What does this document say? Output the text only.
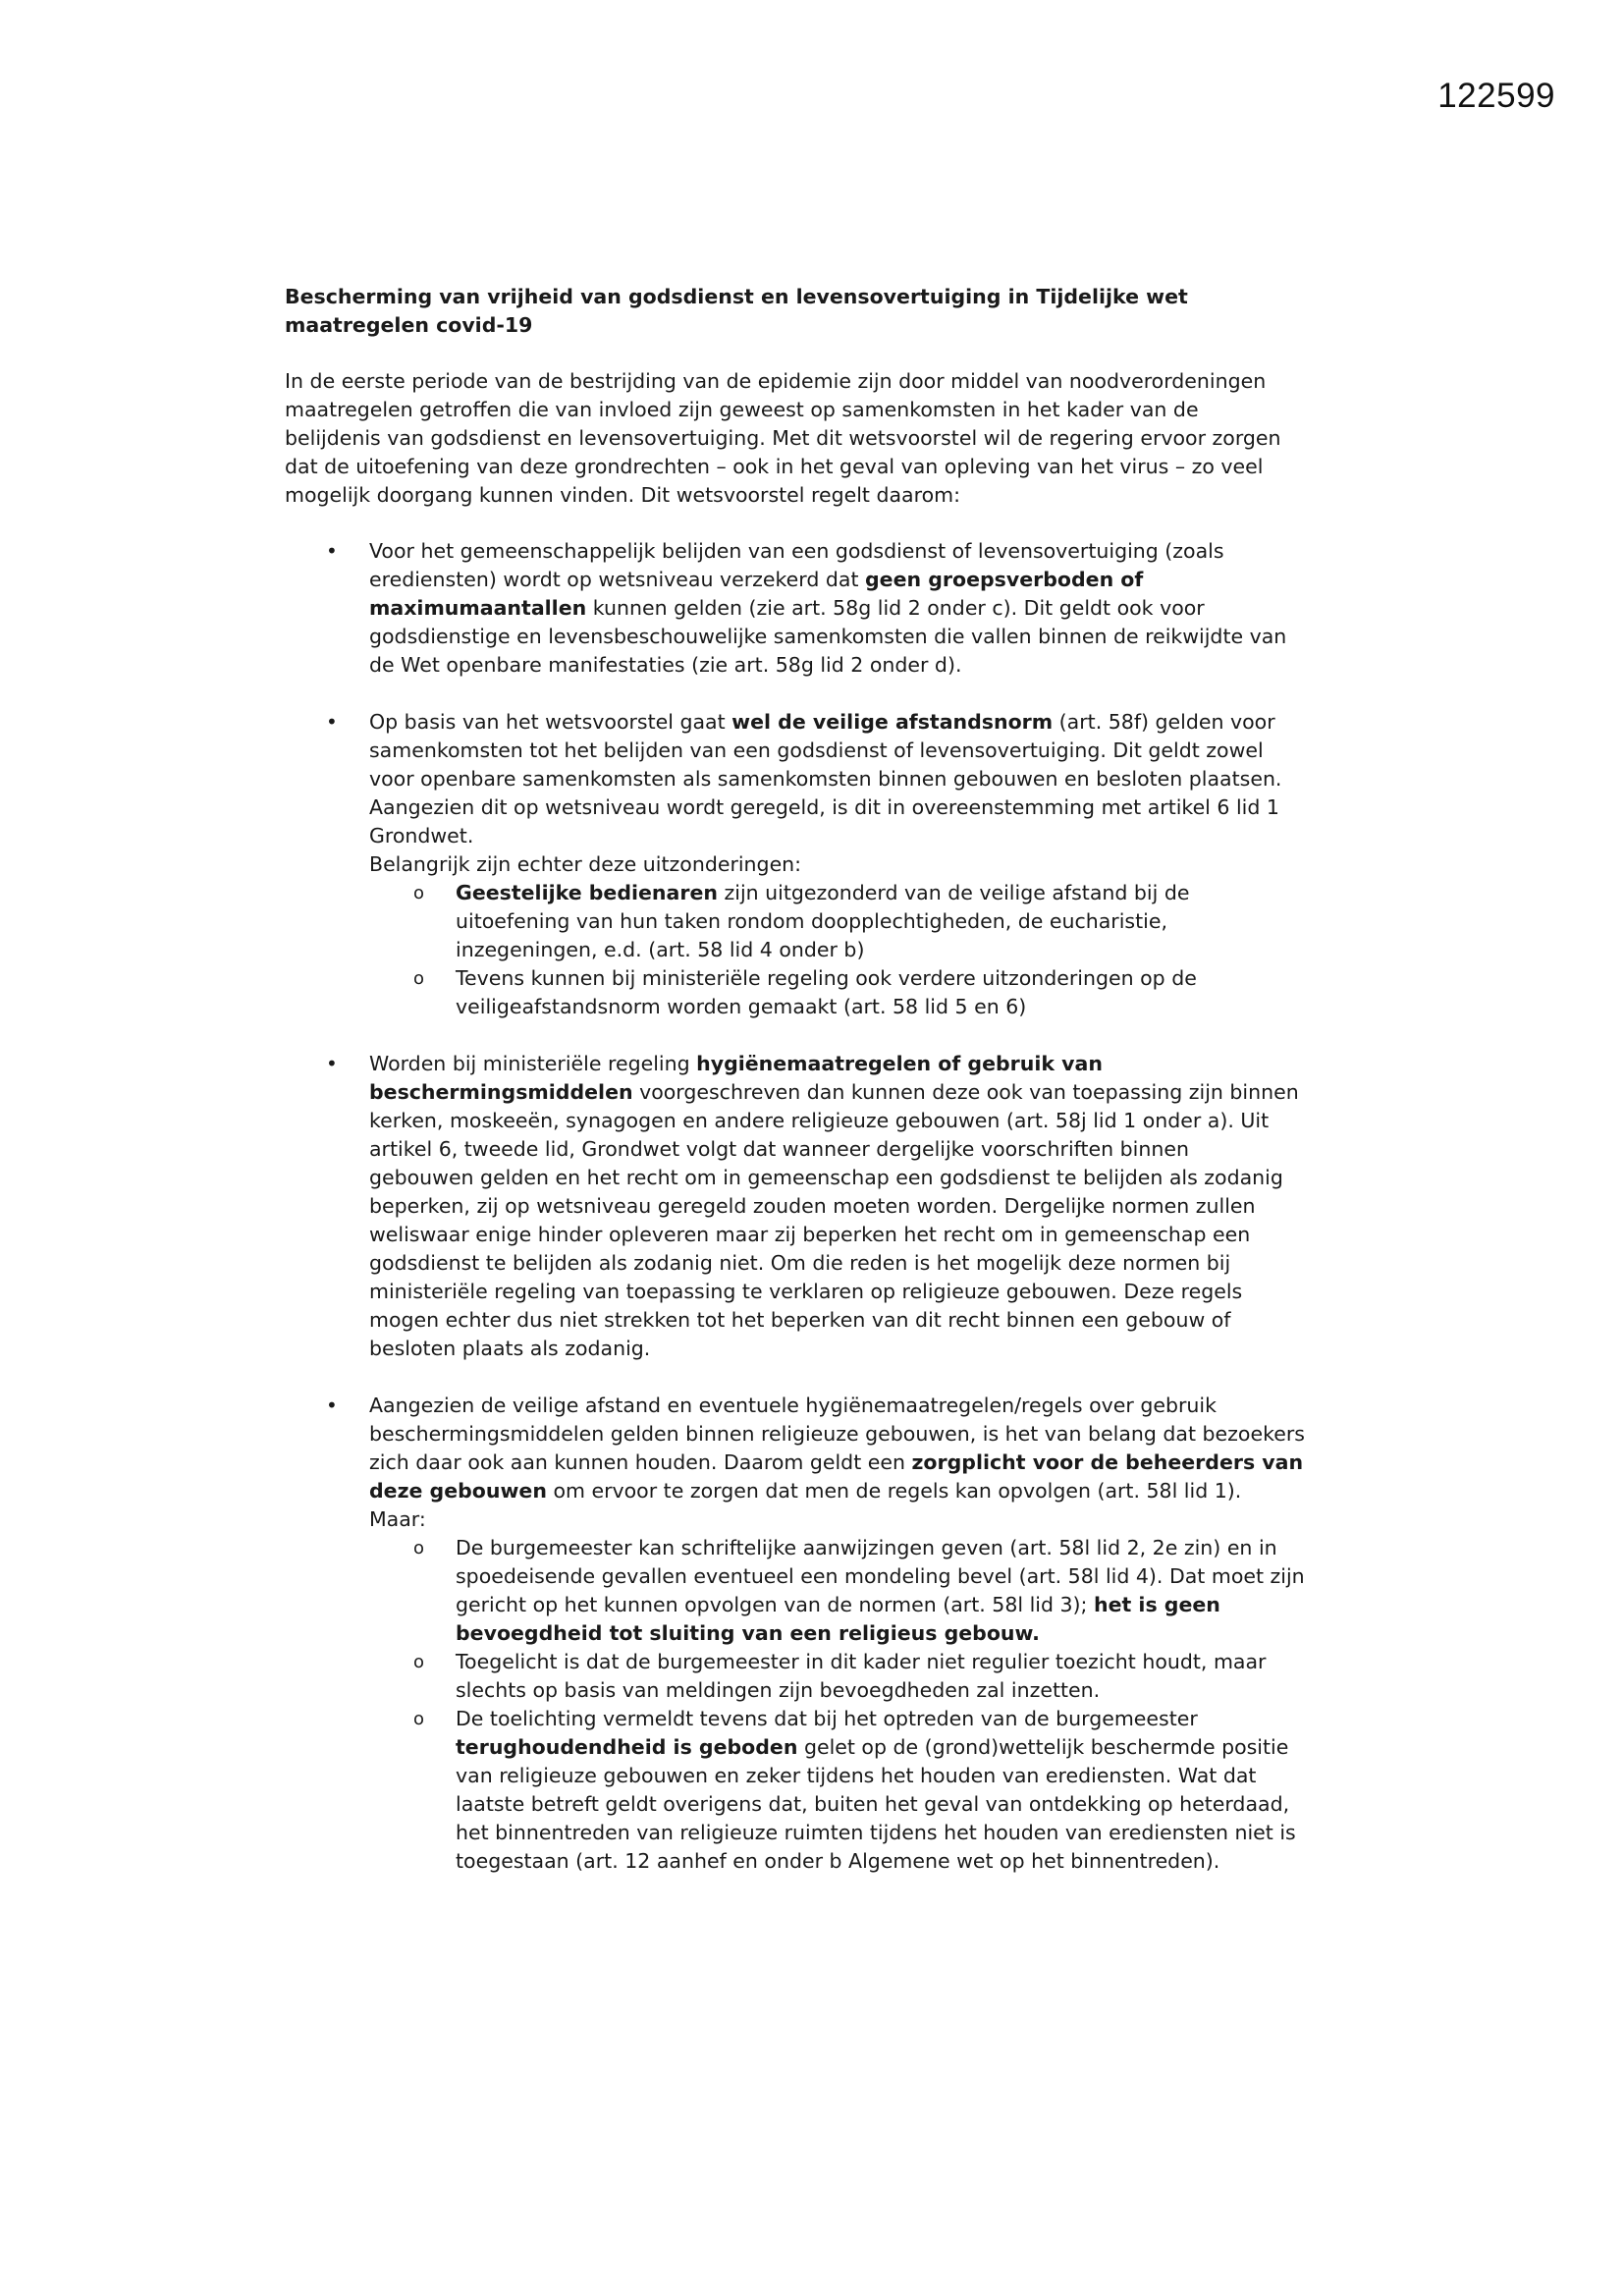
122599
Bescherming van vrijheid van godsdienst en levensovertuiging in Tijdelijke wet
maatregelen covid-19
In de eerste periode van de bestrijding van de epidemie zijn door middel van noodverordeningen
maatregelen getroffen die van invloed zijn geweest op samenkomsten in het kader van de
belijdenis van godsdienst en levensovertuiging. Met dit wetsvoorstel wil de regering ervoor zorgen
dat de uitoefening van deze grondrechten – ook in het geval van opleving van het virus – zo veel
mogelijk doorgang kunnen vinden. Dit wetsvoorstel regelt daarom:
• Voor het gemeenschappelijk belijden van een godsdienst of levensovertuiging (zoals
erediensten) wordt op wetsniveau verzekerd dat geen groepsverboden of
maximumaantallen kunnen gelden (zie art. 58g lid 2 onder c). Dit geldt ook voor
godsdienstige en levensbeschouwelijke samenkomsten die vallen binnen de reikwijdte van
de Wet openbare manifestaties (zie art. 58g lid 2 onder d).
• Op basis van het wetsvoorstel gaat wel de veilige afstandsnorm (art. 58f) gelden voor
samenkomsten tot het belijden van een godsdienst of levensovertuiging. Dit geldt zowel
voor openbare samenkomsten als samenkomsten binnen gebouwen en besloten plaatsen.
Aangezien dit op wetsniveau wordt geregeld, is dit in overeenstemming met artikel 6 lid 1
Grondwet.
Belangrijk zijn echter deze uitzonderingen:
o Geestelijke bedienaren zijn uitgezonderd van de veilige afstand bij de
uitoefening van hun taken rondom doopplechtigheden, de eucharistie,
inzegeningen, e.d. (art. 58 lid 4 onder b)
o Tevens kunnen bij ministeriële regeling ook verdere uitzonderingen op de
veiligeafstandsnorm worden gemaakt (art. 58 lid 5 en 6)
• Worden bij ministeriële regeling hygiënemaatregelen of gebruik van
beschermingsmiddelen voorgeschreven dan kunnen deze ook van toepassing zijn binnen
kerken, moskeeën, synagogen en andere religieuze gebouwen (art. 58j lid 1 onder a). Uit
artikel 6, tweede lid, Grondwet volgt dat wanneer dergelijke voorschriften binnen
gebouwen gelden en het recht om in gemeenschap een godsdienst te belijden als zodanig
beperken, zij op wetsniveau geregeld zouden moeten worden. Dergelijke normen zullen
weliswaar enige hinder opleveren maar zij beperken het recht om in gemeenschap een
godsdienst te belijden als zodanig niet. Om die reden is het mogelijk deze normen bij
ministeriële regeling van toepassing te verklaren op religieuze gebouwen. Deze regels
mogen echter dus niet strekken tot het beperken van dit recht binnen een gebouw of
besloten plaats als zodanig.
• Aangezien de veilige afstand en eventuele hygiënemaatregelen/regels over gebruik
beschermingsmiddelen gelden binnen religieuze gebouwen, is het van belang dat bezoekers
zich daar ook aan kunnen houden. Daarom geldt een zorgplicht voor de beheerders van
deze gebouwen om ervoor te zorgen dat men de regels kan opvolgen (art. 58l lid 1).
Maar:
o De burgemeester kan schriftelijke aanwijzingen geven (art. 58l lid 2, 2e zin) en in
spoedeisende gevallen eventueel een mondeling bevel (art. 58l lid 4). Dat moet zijn
gericht op het kunnen opvolgen van de normen (art. 58l lid 3); het is geen
bevoegdheid tot sluiting van een religieus gebouw.
o Toegelicht is dat de burgemeester in dit kader niet regulier toezicht houdt, maar
slechts op basis van meldingen zijn bevoegdheden zal inzetten.
o De toelichting vermeldt tevens dat bij het optreden van de burgemeester
terughoudendheid is geboden gelet op de (grond)wettelijk beschermde positie
van religieuze gebouwen en zeker tijdens het houden van erediensten. Wat dat
laatste betreft geldt overigens dat, buiten het geval van ontdekking op heterdaad,
het binnentreden van religieuze ruimten tijdens het houden van erediensten niet is
toegestaan (art. 12 aanhef en onder b Algemene wet op het binnentreden).
